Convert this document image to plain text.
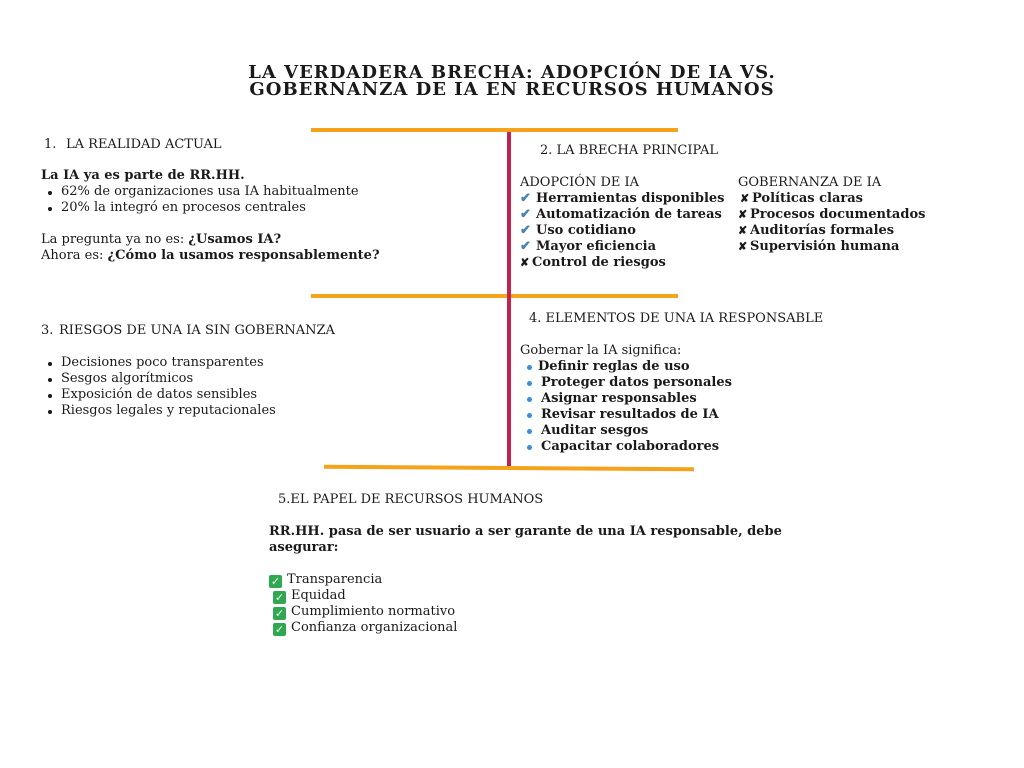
LA VERDADERA BRECHA: ADOPCIÓN DE IA VS.
GOBERNANZA DE IA EN RECURSOS HUMANOS
1. LA REALIDAD ACTUAL
La IA ya es parte de RR.HH.
62% de organizaciones usa IA habitualmente
20% la integró en procesos centrales
La pregunta ya no es: ¿Usamos IA?
Ahora es: ¿Cómo la usamos responsablemente?
2. LA BRECHA PRINCIPAL
ADOPCIÓN DE IA
✔ Herramientas disponibles
✔ Automatización de tareas
✔ Uso cotidiano
✔ Mayor eficiencia
✘ Control de riesgos
GOBERNANZA DE IA
✘ Políticas claras
✘ Procesos documentados
✘ Auditorías formales
✘ Supervisión humana
3. RIESGOS DE UNA IA SIN GOBERNANZA
Decisiones poco transparentes
Sesgos algorítmicos
Exposición de datos sensibles
Riesgos legales y reputacionales
4. ELEMENTOS DE UNA IA RESPONSABLE
Gobernar la IA significa:
Definir reglas de uso
Proteger datos personales
Asignar responsables
Revisar resultados de IA
Auditar sesgos
Capacitar colaboradores
5.EL PAPEL DE RECURSOS HUMANOS
RR.HH. pasa de ser usuario a ser garante de una IA responsable, debe
asegurar:
✓ Transparencia
✓ Equidad
✓ Cumplimiento normativo
✓ Confianza organizacional
